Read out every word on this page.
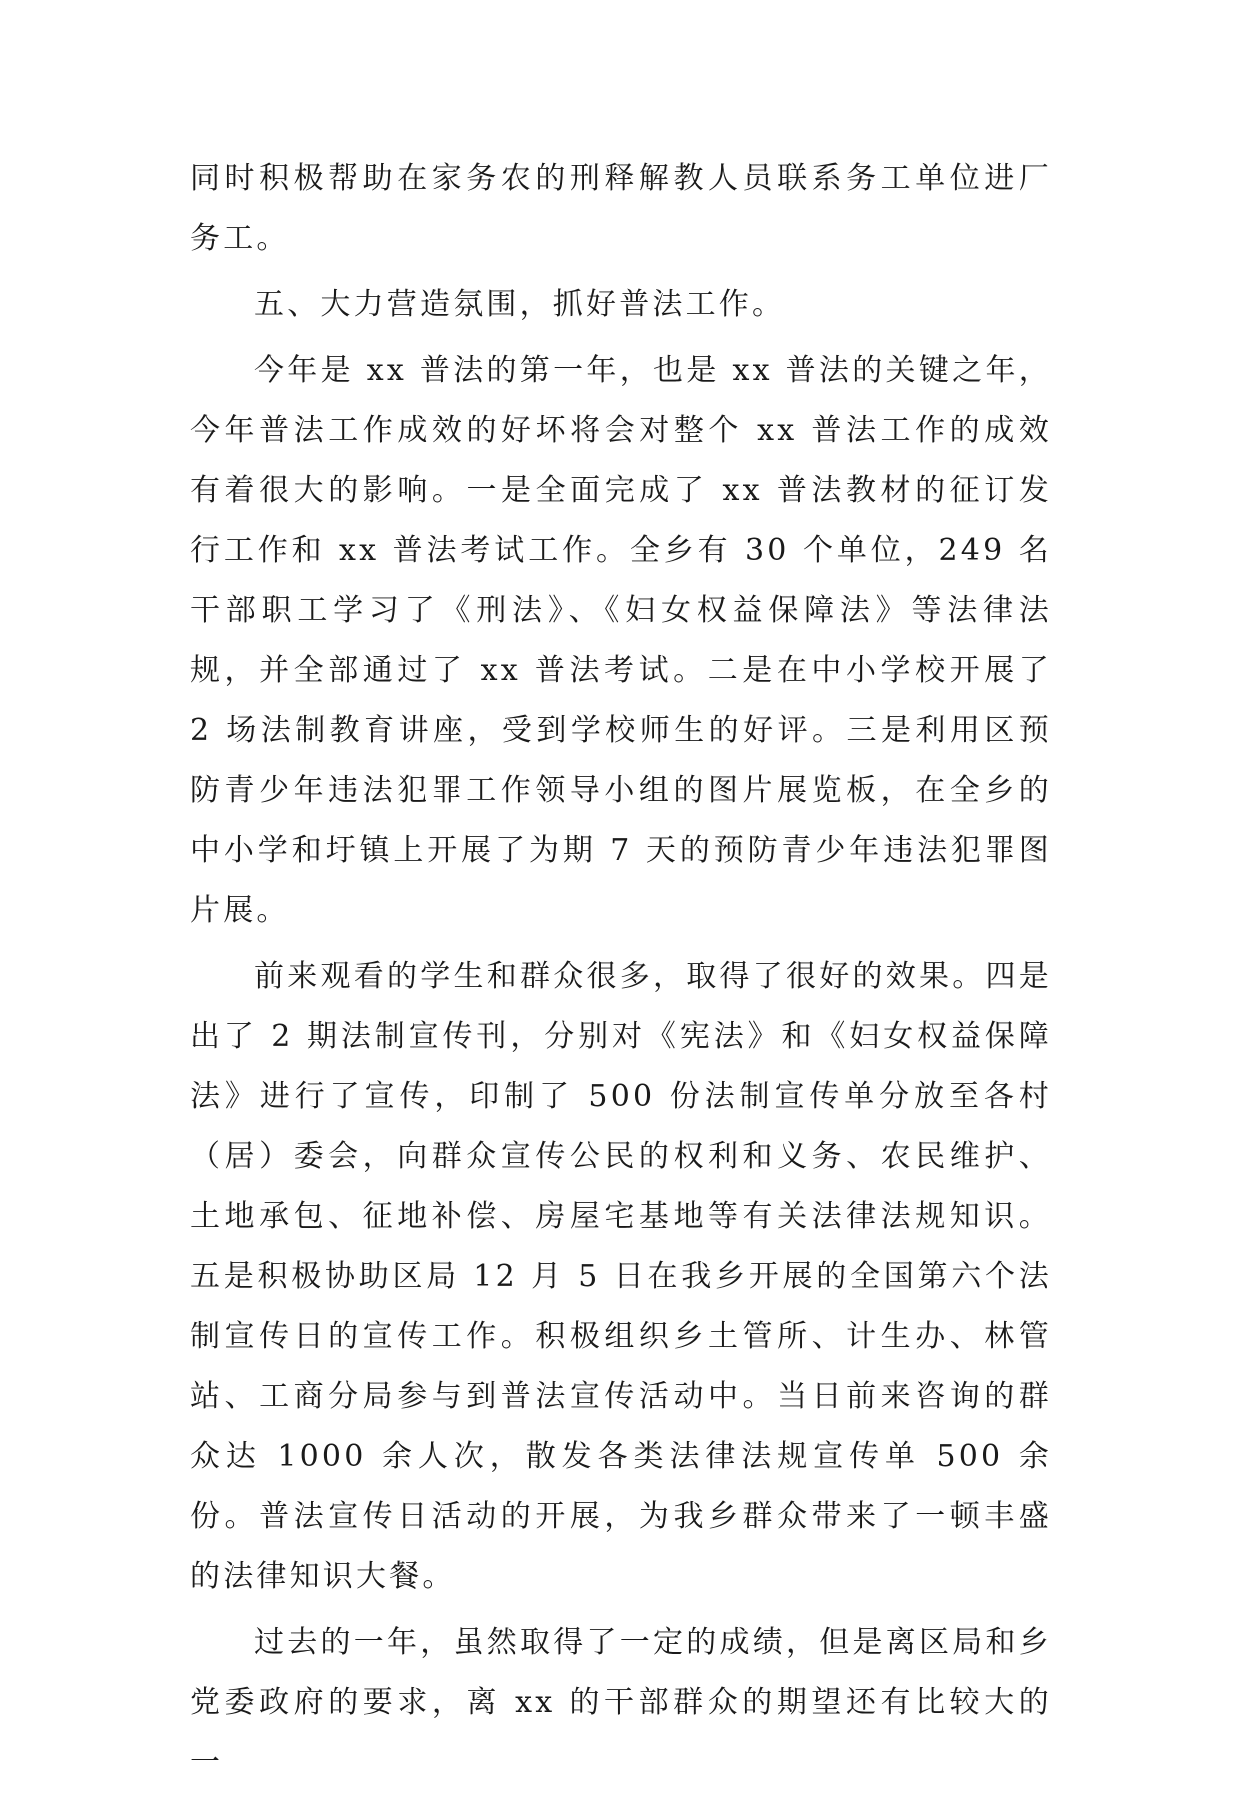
同时积极帮助在家务农的刑释解教人员联系务工单位进厂务工。

五、大力营造氛围，抓好普法工作。

今年是 xx 普法的第一年，也是 xx 普法的关键之年，今年普法工作成效的好坏将会对整个 xx 普法工作的成效有着很大的影响。一是全面完成了 xx 普法教材的征订发行工作和 xx 普法考试工作。全乡有 30 个单位，249 名干部职工学习了《刑法》、《妇女权益保障法》等法律法规，并全部通过了 xx 普法考试。二是在中小学校开展了 2 场法制教育讲座，受到学校师生的好评。三是利用区预防青少年违法犯罪工作领导小组的图片展览板，在全乡的中小学和圩镇上开展了为期 7 天的预防青少年违法犯罪图片展。

前来观看的学生和群众很多，取得了很好的效果。四是出了 2 期法制宣传刊，分别对《宪法》和《妇女权益保障法》进行了宣传，印制了 500 份法制宣传单分放至各村（居）委会，向群众宣传公民的权利和义务、农民维护、土地承包、征地补偿、房屋宅基地等有关法律法规知识。五是积极协助区局 12 月 5 日在我乡开展的全国第六个法制宣传日的宣传工作。积极组织乡土管所、计生办、林管站、工商分局参与到普法宣传活动中。当日前来咨询的群众达 1000 余人次，散发各类法律法规宣传单 500 余份。普法宣传日活动的开展，为我乡群众带来了一顿丰盛的法律知识大餐。

过去的一年，虽然取得了一定的成绩，但是离区局和乡党委政府的要求，离 xx 的干部群众的期望还有比较大的一
